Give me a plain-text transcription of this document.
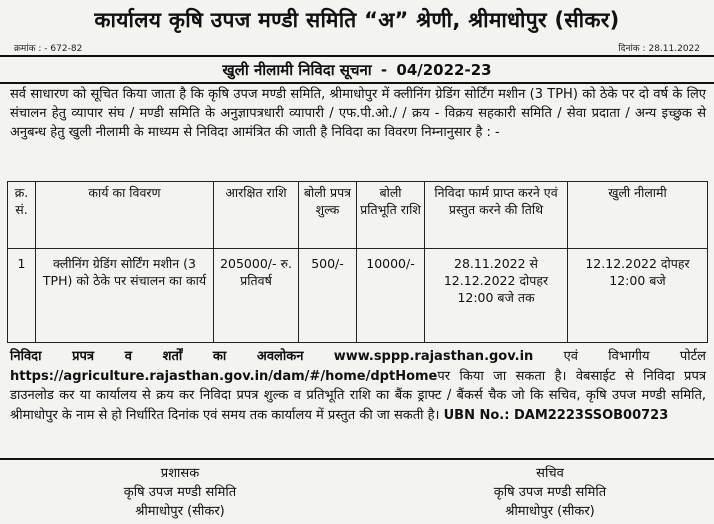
कार्यालय कृषि उपज मण्डी समिति “अ” श्रेणी, श्रीमाधोपुर (सीकर)
क्रमांक : - 672-82	दिनांक : 28.11.2022
खुली नीलामी निविदा सूचना - 04/2022-23
सर्व साधारण को सूचित किया जाता है कि कृषि उपज मण्डी समिति, श्रीमाधोपुर में क्लीनिंग ग्रेडिंग सोर्टिंग मशीन (3 TPH) को ठेके पर दो वर्ष के लिए संचालन हेतु व्यापार संघ / मण्डी समिति के अनुज्ञापत्रधारी व्यापारी / एफ.पी.ओ./ / क्रय - विक्रय सहकारी समिति / सेवा प्रदाता / अन्य इच्छुक से अनुबन्ध हेतु खुली नीलामी के माध्यम से निविदा आमंत्रित की जाती है निविदा का विवरण निम्नानुसार है : -
क्र. सं.	कार्य का विवरण	आरक्षित राशि	बोली प्रपत्र शुल्क	बोली प्रतिभूति राशि	निविदा फार्म प्राप्त करने एवं प्रस्तुत करने की तिथि	खुली नीलामी
1	क्लीनिंग ग्रेडिंग सोर्टिंग मशीन (3 TPH) को ठेके पर संचालन का कार्य	205000/- रु. प्रतिवर्ष	500/-	10000/-	28.11.2022 से 12.12.2022 दोपहर 12:00 बजे तक	12.12.2022 दोपहर 12:00 बजे
निविदा प्रपत्र व शर्तों का अवलोकन www.sppp.rajasthan.gov.in एवं विभागीय पोर्टल https://agriculture.rajasthan.gov.in/dam/#/home/dptHomeपर किया जा सकता है। वेबसाईट से निविदा प्रपत्र डाउनलोड कर या कार्यालय से क्रय कर निविदा प्रपत्र शुल्क व प्रतिभूति राशि का बैंक ड्राफ्ट / बैंकर्स चैक जो कि सचिव, कृषि उपज मण्डी समिति, श्रीमाधोपुर के नाम से हो निर्धारित दिनांक एवं समय तक कार्यालय में प्रस्तुत की जा सकती है। UBN No.: DAM2223SSOB00723
प्रशासक
कृषि उपज मण्डी समिति
श्रीमाधोपुर (सीकर)
सचिव
कृषि उपज मण्डी समिति
श्रीमाधोपुर (सीकर)
